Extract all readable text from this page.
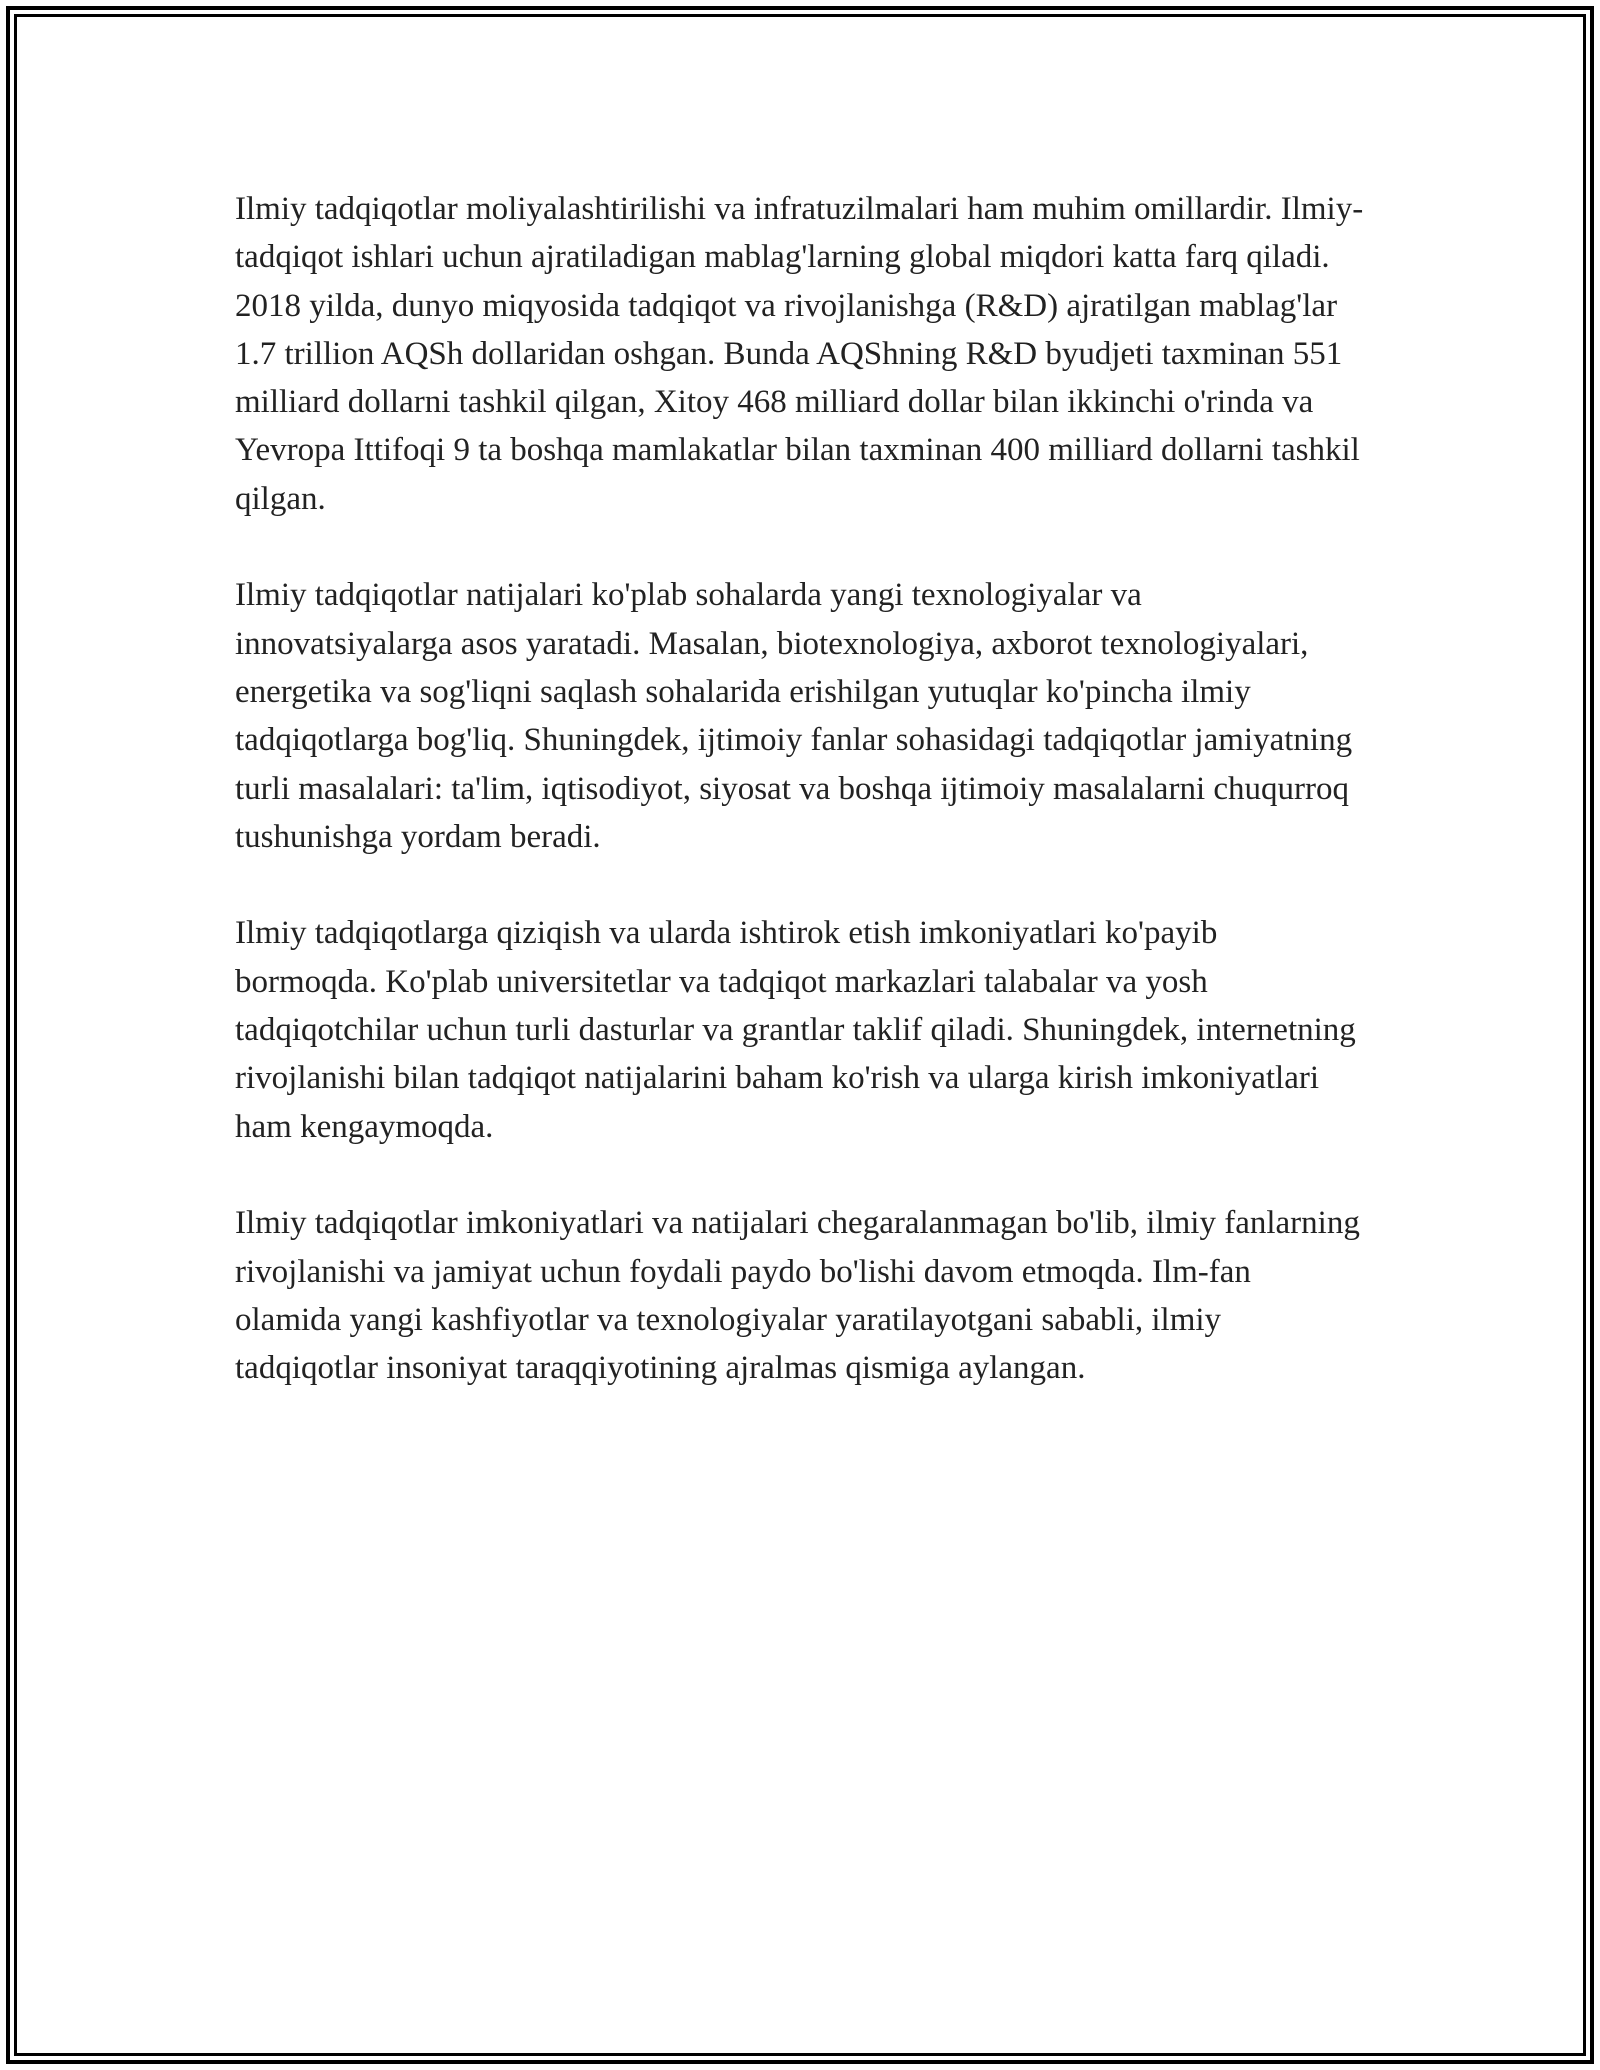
Ilmiy tadqiqotlar moliyalashtirilishi va infratuzilmalari ham muhim omillardir. Ilmiy-tadqiqot ishlari uchun ajratiladigan mablag'larning global miqdori katta farq qiladi. 2018 yilda, dunyo miqyosida tadqiqot va rivojlanishga (R&D) ajratilgan mablag'lar 1.7 trillion AQSh dollaridan oshgan. Bunda AQShning R&D byudjeti taxminan 551 milliard dollarni tashkil qilgan, Xitoy 468 milliard dollar bilan ikkinchi o'rinda va Yevropa Ittifoqi 9 ta boshqa mamlakatlar bilan taxminan 400 milliard dollarni tashkil qilgan.

Ilmiy tadqiqotlar natijalari ko'plab sohalarda yangi texnologiyalar va innovatsiyalarga asos yaratadi. Masalan, biotexnologiya, axborot texnologiyalari, energetika va sog'liqni saqlash sohalarida erishilgan yutuqlar ko'pincha ilmiy tadqiqotlarga bog'liq. Shuningdek, ijtimoiy fanlar sohasidagi tadqiqotlar jamiyatning turli masalalari: ta'lim, iqtisodiyot, siyosat va boshqa ijtimoiy masalalarni chuqurroq tushunishga yordam beradi.

Ilmiy tadqiqotlarga qiziqish va ularda ishtirok etish imkoniyatlari ko'payib bormoqda. Ko'plab universitetlar va tadqiqot markazlari talabalar va yosh tadqiqotchilar uchun turli dasturlar va grantlar taklif qiladi. Shuningdek, internetning rivojlanishi bilan tadqiqot natijalarini baham ko'rish va ularga kirish imkoniyatlari ham kengaymoqda.

Ilmiy tadqiqotlar imkoniyatlari va natijalari chegaralanmagan bo'lib, ilmiy fanlarning rivojlanishi va jamiyat uchun foydali paydo bo'lishi davom etmoqda. Ilm-fan olamida yangi kashfiyotlar va texnologiyalar yaratilayotgani sababli, ilmiy tadqiqotlar insoniyat taraqqiyotining ajralmas qismiga aylangan.
